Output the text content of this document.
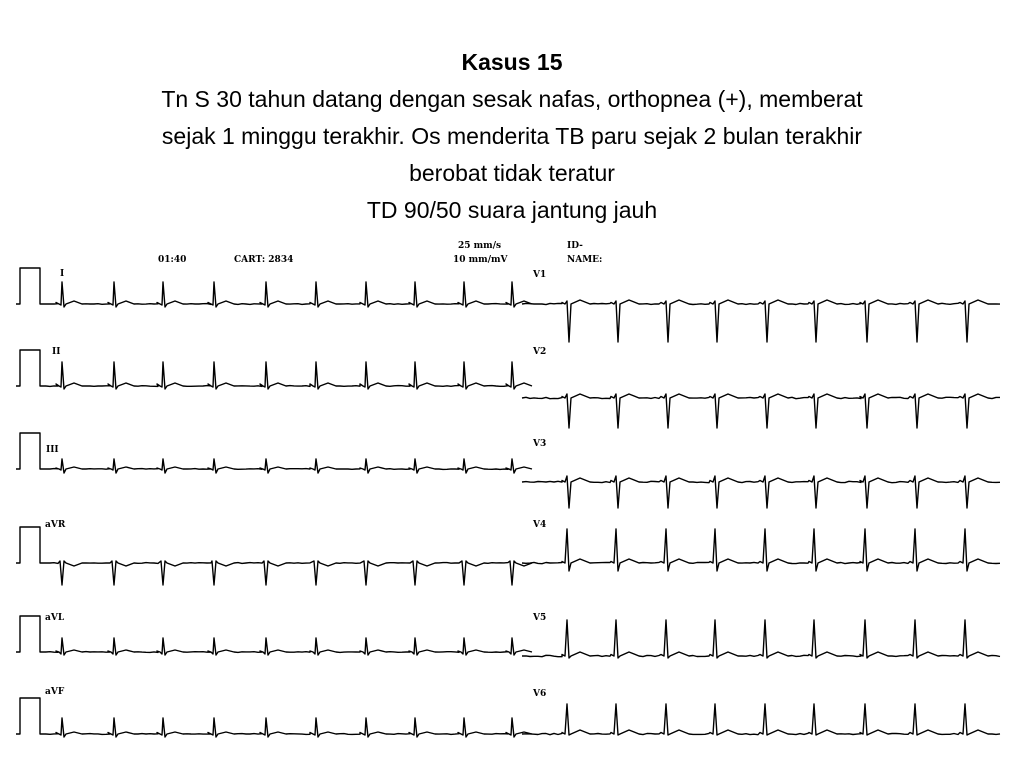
Kasus 15
Tn S 30 tahun datang dengan sesak nafas, orthopnea (+), memberat
sejak 1 minggu terakhir. Os menderita TB paru sejak 2 bulan terakhir
berobat tidak teratur
TD 90/50 suara jantung jauh
01:40	CART: 2834
25 mm/s
10 mm/mV
ID-
NAME:
I
II
III
aVR
aVL
aVF
V1
V2
V3
V4
V5
V6
